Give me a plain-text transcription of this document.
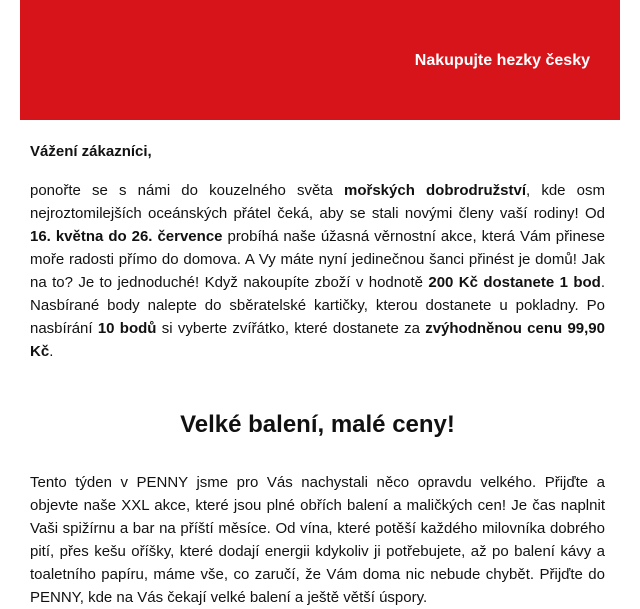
Nakupujte hezky česky

Vážení zákazníci,

ponořte se s námi do kouzelného světa mořských dobrodružství, kde osm nejroztomilejších oceánských přátel čeká, aby se stali novými členy vaší rodiny! Od 16. května do 26. července probíhá naše úžasná věrnostní akce, která Vám přinese moře radosti přímo do domova. A Vy máte nyní jedinečnou šanci přinést je domů! Jak na to? Je to jednoduché! Když nakoupíte zboží v hodnotě 200 Kč dostanete 1 bod. Nasbírané body nalepte do sběratelské kartičky, kterou dostanete u pokladny. Po nasbírání 10 bodů si vyberte zvířátko, které dostanete za zvýhodněnou cenu 99,90 Kč.

Velké balení, malé ceny!

Tento týden v PENNY jsme pro Vás nachystali něco opravdu velkého. Přijďte a objevte naše XXL akce, které jsou plné obřích balení a maličkých cen! Je čas naplnit Vaši spižírnu a bar na příští měsíce. Od vína, které potěší každého milovníka dobrého pití, přes kešu oříšky, které dodají energii kdykoliv ji potřebujete, až po balení kávy a toaletního papíru, máme vše, co zaručí, že Vám doma nic nebude chybět. Přijďte do PENNY, kde na Vás čekají velké balení a ještě větší úspory.
